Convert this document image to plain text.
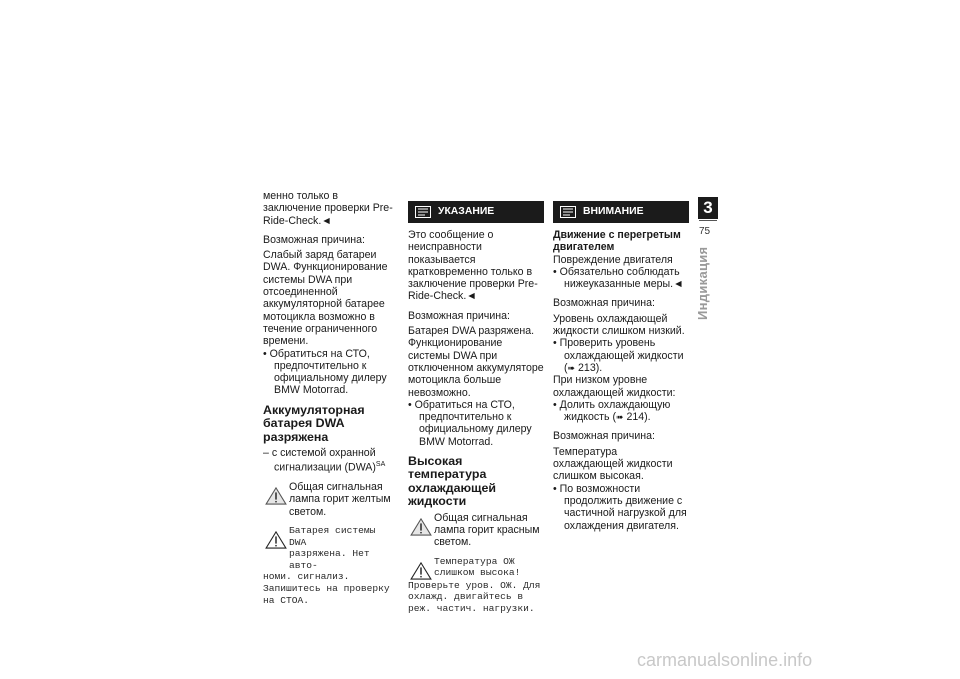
менно только в заключение проверки Pre-Ride-Check.◄

Возможная причина:

Слабый заряд батареи DWA. Функционирование системы DWA при отсоединенной аккумуляторной батарее мотоцикла возможно в течение ограниченного времени.

• Обратиться на СТО, предпочтительно к официальному дилеру BMW Motorrad.

Аккумуляторная батарея DWA разряжена

– с системой охранной сигнализации (DWA)$^{SA}$

Общая сигнальная лампа горит желтым светом.

Батарея системы DWA

разряжена. Нет авто-

номи. сигнализ. Запишитесь на проверку на СТОА.

УКАЗАНИЕ

Это сообщение о неисправности показывается кратковременно только в заключение проверки Pre-Ride-Check.◄

Возможная причина:

Батарея DWA разряжена. Функционирование системы DWA при отключенном аккумуляторе мотоцикла больше невозможно.

• Обратиться на СТО, предпочтительно к официальному дилеру BMW Motorrad.

Высокая температура охлаждающей жидкости

Общая сигнальная лампа горит красным светом.

Температура ОЖ

слишком высока!

Проверьте уров. ОЖ. Для охлажд. двигайтесь в реж. частич. нагрузки.

ВНИМАНИЕ

Движение с перегретым двигателем

Повреждение двигателя

• Обязательно соблюдать нижеуказанные меры.◄

Возможная причина:

Уровень охлаждающей жидкости слишком низкий.

• Проверить уровень охлаждающей жидкости (➠ 213).

При низком уровне охлаждающей жидкости:

• Долить охлаждающую жидкость (➠ 214).

Возможная причина:

Температура охлаждающей жидкости слишком высокая.

• По возможности продолжить движение с частичной нагрузкой для охлаждения двигателя.

3
75
Индикация
carmanualsonline.info
